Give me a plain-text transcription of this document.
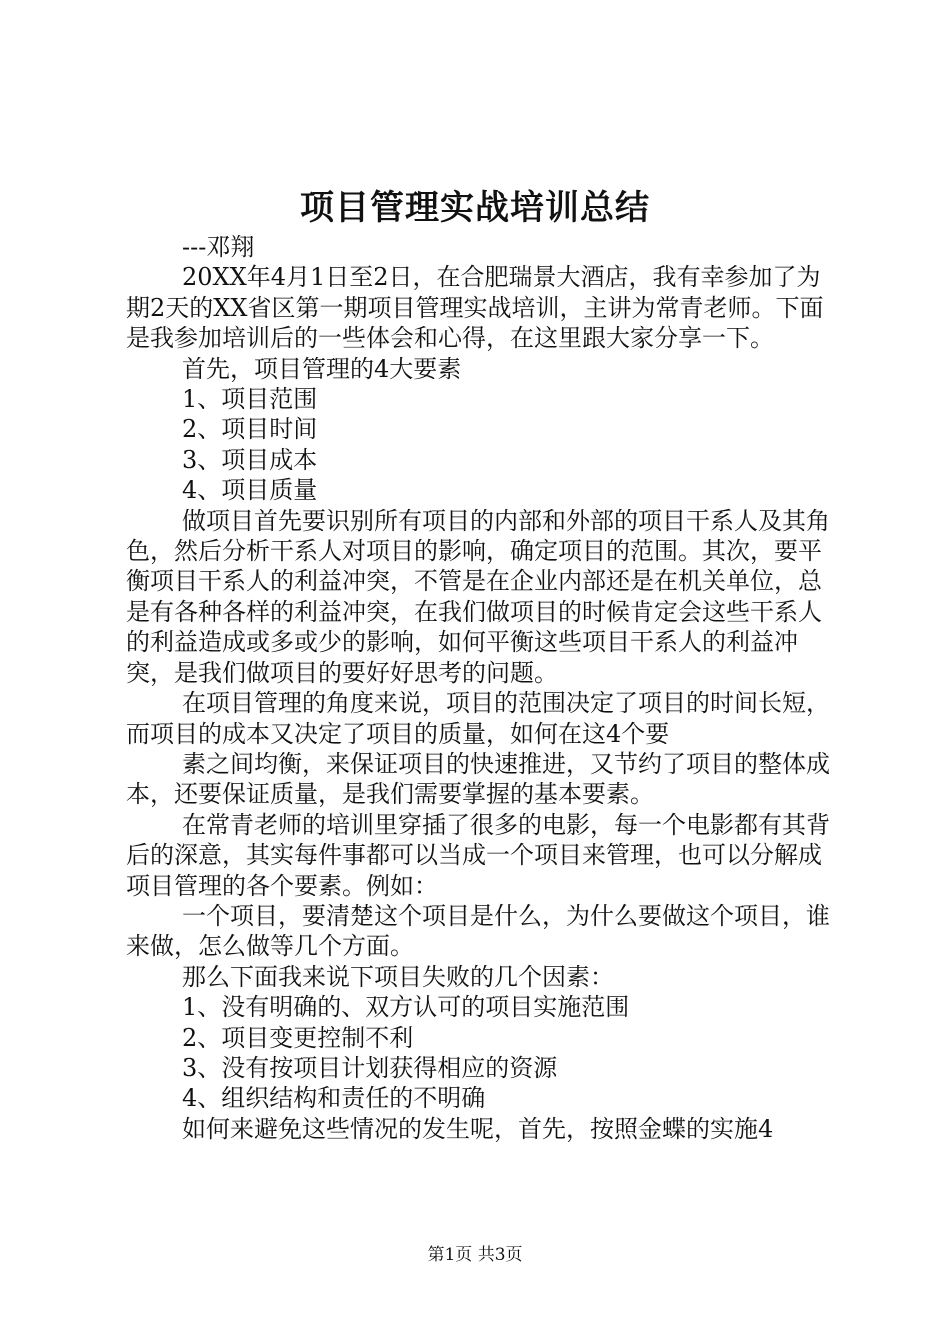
项目管理实战培训总结

---邓翔

20XX年4月1日至2日，在合肥瑞景大酒店，我有幸参加了为期2天的XX省区第一期项目管理实战培训，主讲为常青老师。下面是我参加培训后的一些体会和心得，在这里跟大家分享一下。

首先，项目管理的4大要素

1、项目范围

2、项目时间

3、项目成本

4、项目质量

做项目首先要识别所有项目的内部和外部的项目干系人及其角色，然后分析干系人对项目的影响，确定项目的范围。其次，要平衡项目干系人的利益冲突，不管是在企业内部还是在机关单位，总是有各种各样的利益冲突，在我们做项目的时候肯定会这些干系人的利益造成或多或少的影响，如何平衡这些项目干系人的利益冲突，是我们做项目的要好好思考的问题。

在项目管理的角度来说，项目的范围决定了项目的时间长短，而项目的成本又决定了项目的质量，如何在这4个要

素之间均衡，来保证项目的快速推进，又节约了项目的整体成本，还要保证质量，是我们需要掌握的基本要素。

在常青老师的培训里穿插了很多的电影，每一个电影都有其背后的深意，其实每件事都可以当成一个项目来管理，也可以分解成项目管理的各个要素。例如：

一个项目，要清楚这个项目是什么，为什么要做这个项目，谁来做，怎么做等几个方面。

那么下面我来说下项目失败的几个因素：

1、没有明确的、双方认可的项目实施范围

2、项目变更控制不利

3、没有按项目计划获得相应的资源

4、组织结构和责任的不明确

如何来避免这些情况的发生呢，首先，按照金蝶的实施4

第1页 共3页
